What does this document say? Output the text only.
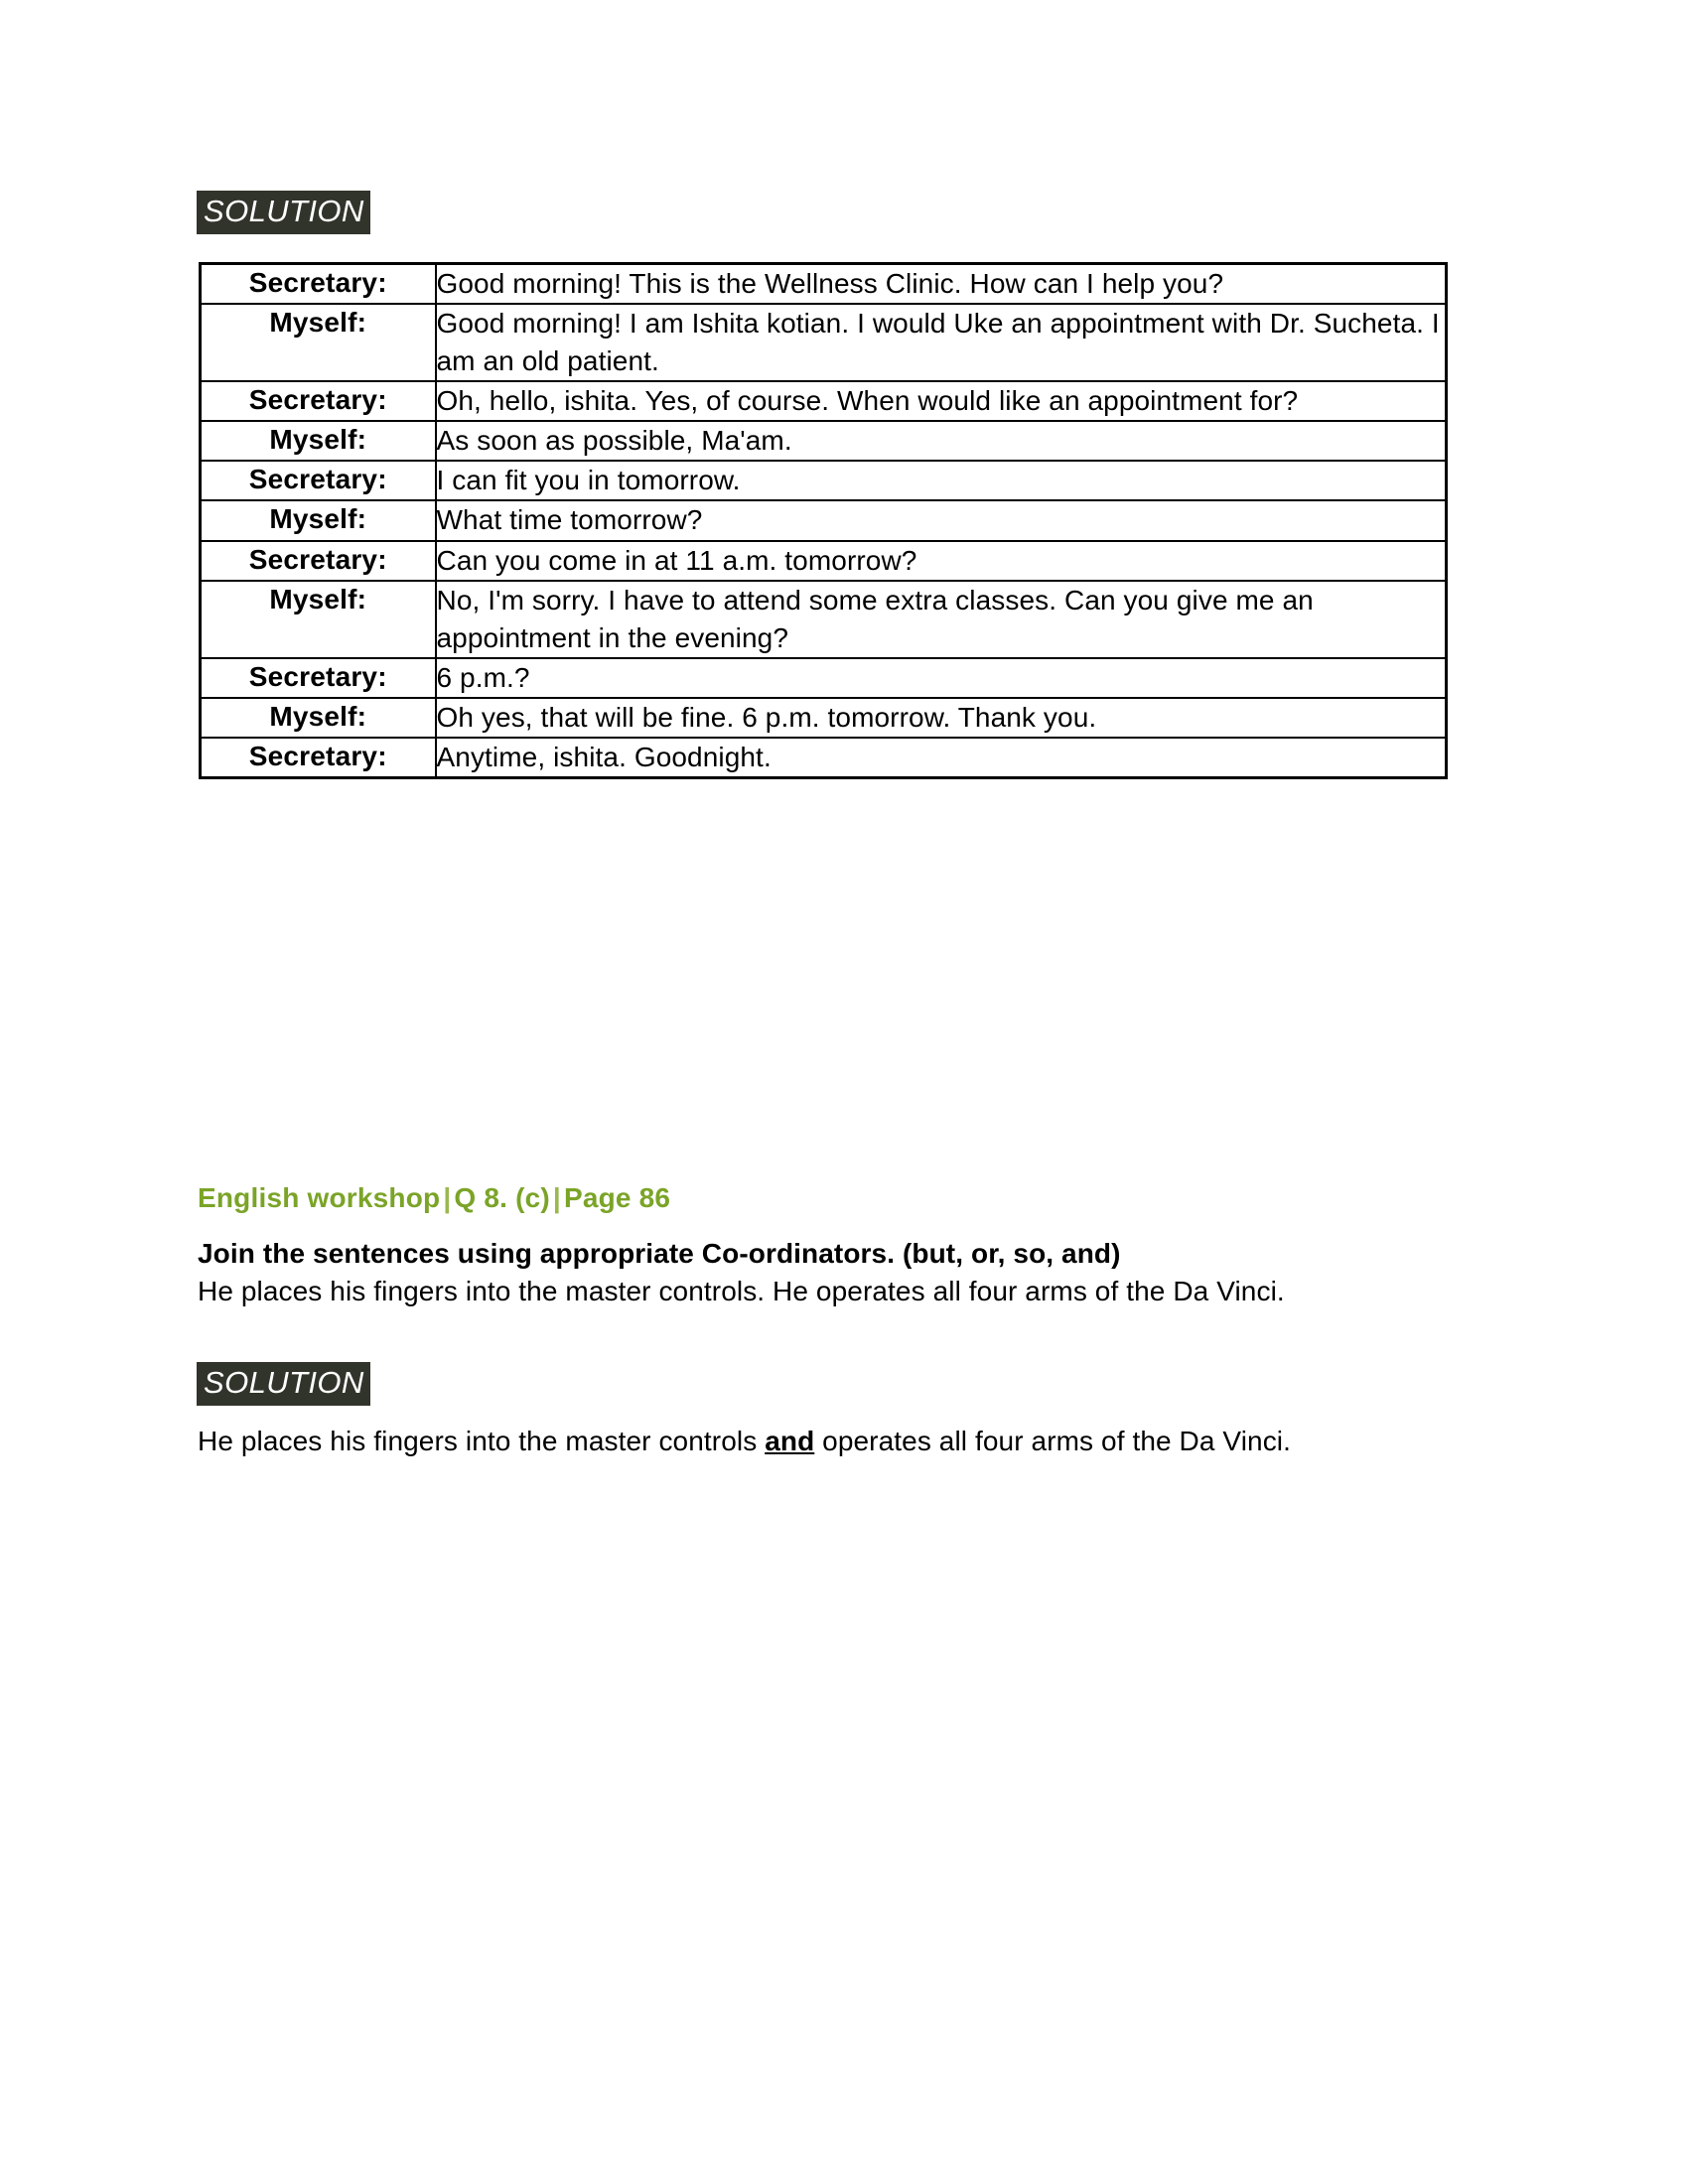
SOLUTION
Secretary:	Good morning! This is the Wellness Clinic. How can I help you?

Myself:	Good morning! I am Ishita kotian. I would Uke an appointment with Dr. Sucheta. I am an old patient.

Secretary:	Oh, hello, ishita. Yes, of course. When would like an appointment for?

Myself:	As soon as possible, Ma'am.

Secretary:	I can fit you in tomorrow.

Myself:	What time tomorrow?

Secretary:	Can you come in at 11 a.m. tomorrow?

Myself:	No, I'm sorry. I have to attend some extra classes. Can you give me an appointment in the evening?

Secretary:	6 p.m.?

Myself:	Oh yes, that will be fine. 6 p.m. tomorrow. Thank you.

Secretary:	Anytime, ishita. Goodnight.
English workshop | Q 8. (c) | Page 86

Join the sentences using appropriate Co-ordinators. (but, or, so, and)

He places his fingers into the master controls. He operates all four arms of the Da Vinci.

SOLUTION
He places his fingers into the master controls and operates all four arms of the Da Vinci.
